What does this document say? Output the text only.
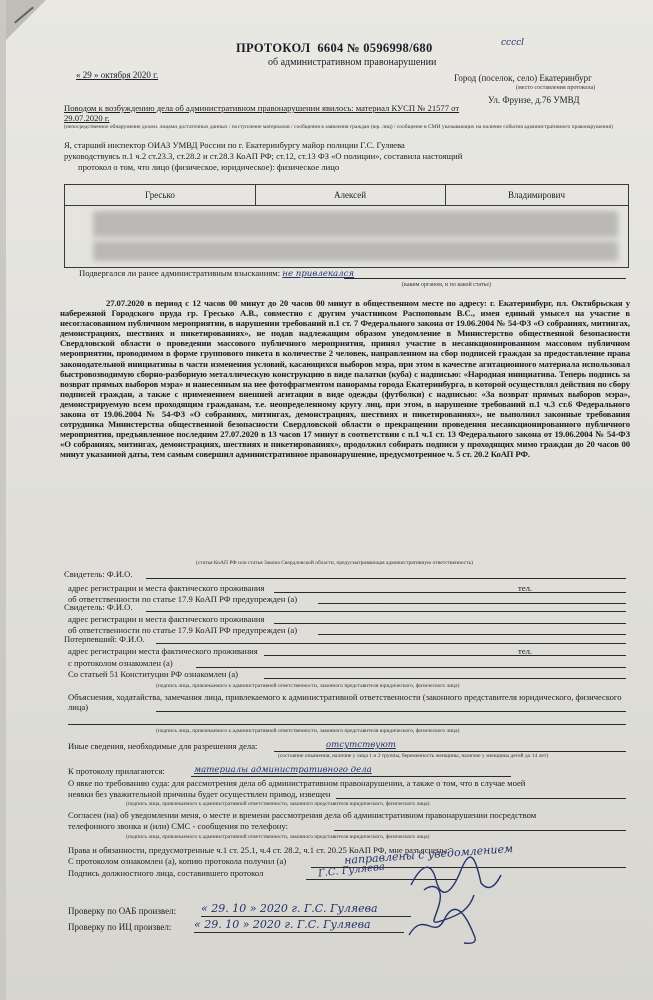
ПРОТОКОЛ 6604 № 0596998/680	ccccl
об административном правонарушении
« 29 » октября 2020 г.	Город (поселок, село) Екатеринбург
(место составления протокола)
Ул. Фрунзе, д.76 УМВД
Поводом к возбуждению дела об административном правонарушении явилось: материал КУСП № 21577 от
29.07.2020 г.
(непосредственное обнаружение должн. лицами достаточных данных / поступление материалов / сообщения в заявления граждан (юр. лиц) / сообщение в СМИ указывающих на наличие события административного правонарушения)
Я, старший инспектор ОИАЗ УМВД России по г. Екатеринбургу майор полиции Г.С. Гуляева
руководствуясь п.1 ч.2 ст.23.3, ст.28.2 и ст.28.3 КоАП РФ; ст.12, ст.13 ФЗ «О полиции», составила настоящий
протокол о том, что лицо (физическое, юридическое): физическое лицо
Гресько	Алексей	Владимирович
Подвергался ли ранее административным взысканиям: не привлекался
(каким органом, и по какой статье)
27.07.2020 в период с 12 часов 00 минут до 20 часов 00 минут в общественном месте по адресу: г. Екатеринбург, пл. Октябрьская у набережной Городского пруда гр. Гресько А.В., совместно с другим участником Распоповым В.С., имея единый умысел на участие в несогласованном публичном мероприятии, в нарушении требований п.1 ст. 7 Федерального закона от 19.06.2004 № 54-ФЗ «О собраниях, митингах, демонстрациях, шествиях и пикетированиях», не подав надлежащим образом уведомление в Министерство общественной безопасности Свердловской области о проведении массового публичного мероприятия, принял участие в несанкционированном массовом публичном мероприятии, проводимом в форме группового пикета в количестве 2 человек, направленном на сбор подписей граждан за предоставление права законодательной инициативы в части изменения условий, касающихся выборов мэра, при этом в качестве агитационного материала использовал быстровозводимую сборно-разборную металлическую конструкцию в виде палатки (куба) с надписью: «Народная инициатива. Теперь подпись за возврат прямых выборов мэра» и нанесенным на нее фотофрагментом панорамы города Екатеринбурга, в которой осуществлял действия по сбору подписей граждан, а также с применением внешней агитации в виде одежды (футболки) с надписью: «За возврат прямых выборов мэра», демонстрируемую всем проходящим гражданам, т.е. неопределенному кругу лиц, при этом, в нарушение требований п.1 ч.3 ст.6 Федерального закона от 19.06.2004 № 54-ФЗ «О собраниях, митингах, демонстрациях, шествиях и пикетированиях», не выполнил законные требования сотрудника Министерства общественной безопасности Свердловской области о прекращении проведения несанкционированного публичного мероприятия, предъявленное последним 27.07.2020 в 13 часов 17 минут в соответствии с п.1 ч.1 ст. 13 Федерального закона от 19.06.2004 № 54-ФЗ «О собраниях, митингах, демонстрациях, шествиях и пикетированиях», продолжил собирать подписи у проходящих мимо граждан до 20 часов 00 минут указанной даты, тем самым совершил административное правонарушение, предусмотренное ч. 5 ст. 20.2 КоАП РФ.
(статья КоАП РФ или статья Закона Свердловской области, предусматривающая административную ответственность)
Свидетель: Ф.И.О.
адрес регистрации и места фактического проживания	тел.
об ответственности по статье 17.9 КоАП РФ предупрежден (а)
Свидетель: Ф.И.О.
адрес регистрации и места фактического проживания
об ответственности по статье 17.9 КоАП РФ предупрежден (а)
Потерпевший: Ф.И.О.
адрес регистрации места фактического проживания	тел.
с протоколом ознакомлен (а)
Со статьей 51 Конституции РФ ознакомлен (а)
(подпись лица, привлекаемого к административной ответственности, законного представителя юридического, физического лица)
Объяснения, ходатайства, замечания лица, привлекаемого к административной ответственности (законного представителя юридического, физического лица)
(подпись лица, привлекаемого к административной ответственности, законного представителя юридического, физического лица)
Иные сведения, необходимые для разрешения дела:	отсутствуют
(состояние опьянения, наличие у лица 1 и 2 группы, беременность женщины, наличие у женщины детей до 14 лет)
К протоколу прилагаются:	материалы административного дела
О явке по требованию суда: для рассмотрения дела об административном правонарушении, а также о том, что в случае моей
неявки без уважительной причины будет осуществлен привод, извещен
(подпись лица, привлекаемого к административной ответственности, законного представителя юридического, физического лица)
Согласен (на) об уведомлении меня, о месте и времени рассмотрения дела об административном правонарушении посредством
телефонного звонка и (или) СМС - сообщения по телефону:
(подпись лица, привлекаемого к административной ответственности, законного представителя юридического, физического лица)
Права и обязанности, предусмотренные ч.1 ст. 25.1, ч.4 ст. 28.2, ч.1 ст. 20.25 КоАП РФ, мне разъяснены:
С протоколом ознакомлен (а), копию протокола получил (а)	направлены с уведомлением
Подпись должностного лица, составившего протокол	Г.С. Гуляева
Проверку по ОАБ произвел: « 29. 10 » 2020 г. Г.С. Гуляева
Проверку по ИЦ произвел: « 29. 10 » 2020 г. Г.С. Гуляева
